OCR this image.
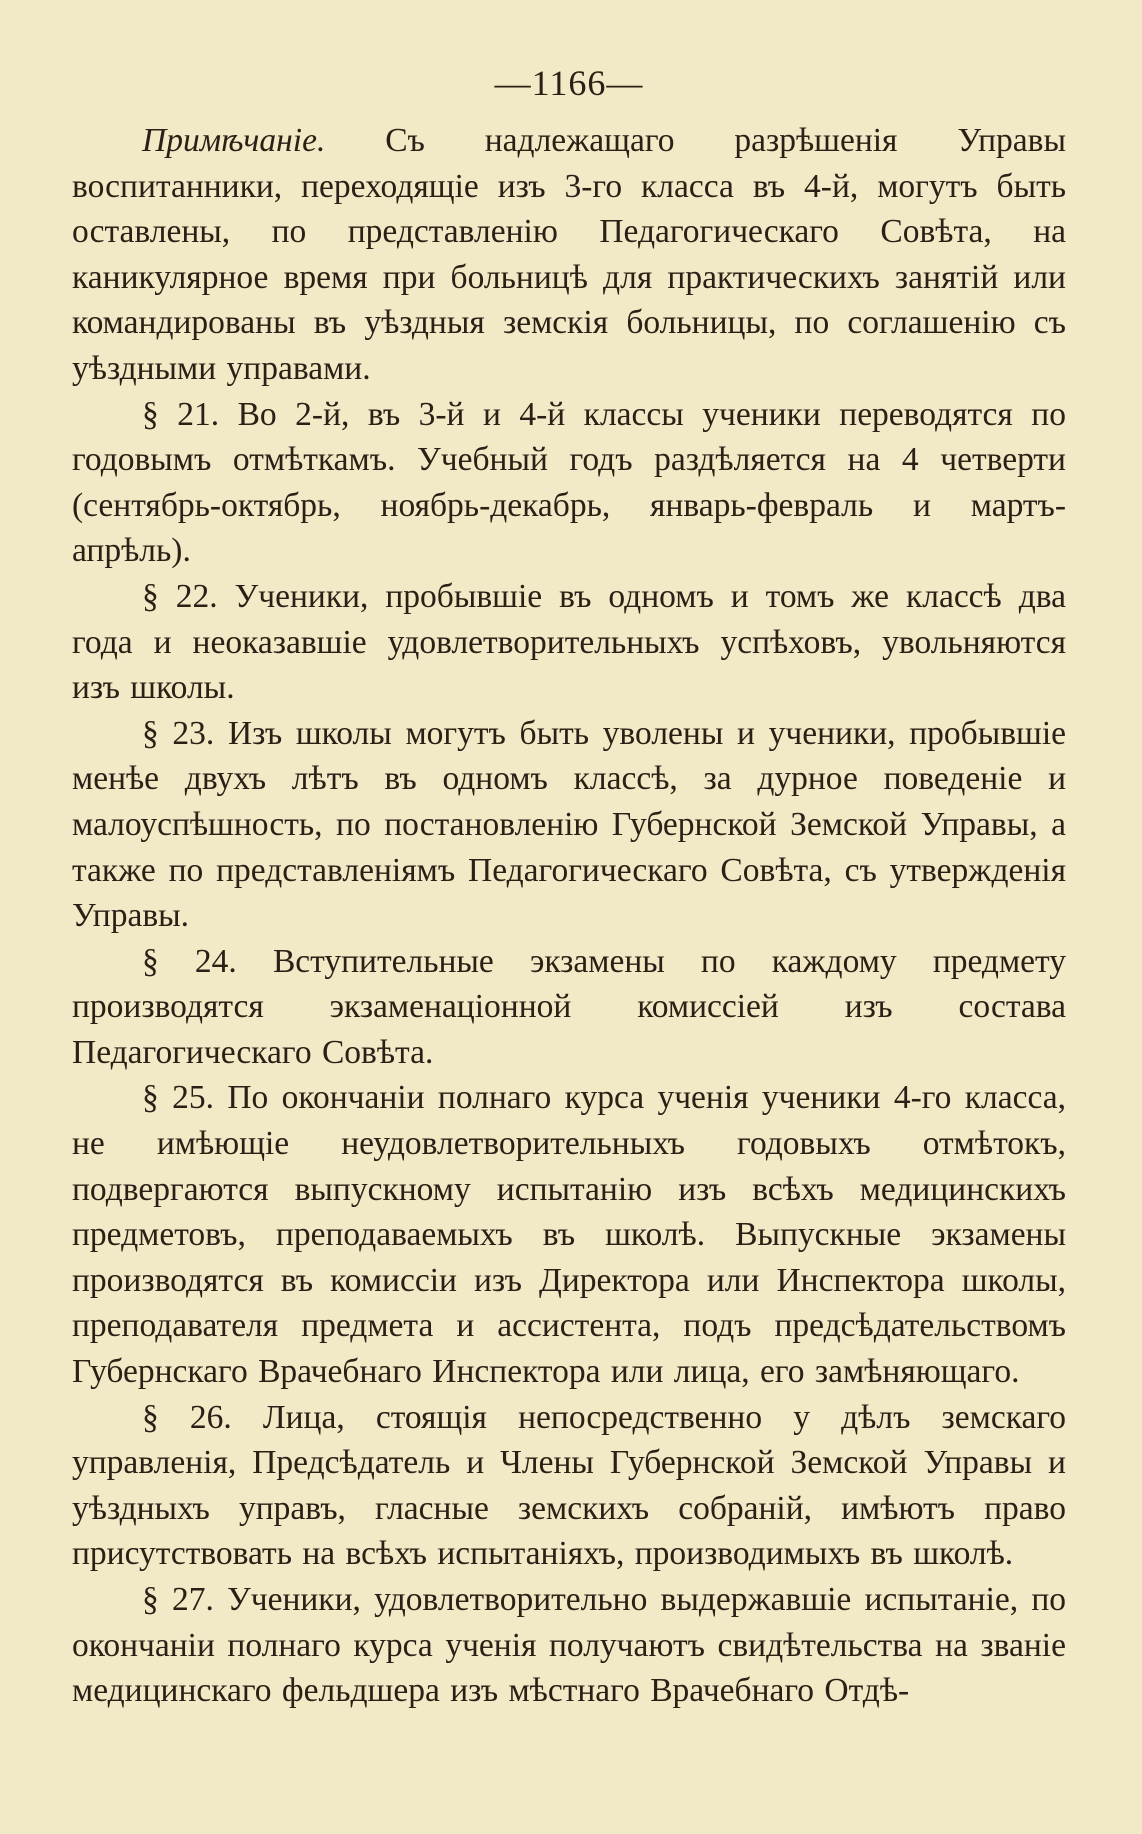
—1166—

Примѣчаніе. Съ надлежащаго разрѣшенія Управы воспитанники, переходящіе изъ 3-го класса въ 4-й, могутъ быть оставлены, по представленію Педагогическаго Совѣта, на каникулярное время при больницѣ для практическихъ занятій или командированы въ уѣздныя земскія больницы, по соглашенію съ уѣздными управами.

§ 21. Во 2-й, въ 3-й и 4-й классы ученики переводятся по годовымъ отмѣткамъ. Учебный годъ раздѣляется на 4 четверти (сентябрь-октябрь, ноябрь-декабрь, январь-февраль и мартъ-апрѣль).

§ 22. Ученики, пробывшіе въ одномъ и томъ же классѣ два года и неоказавшіе удовлетворительныхъ успѣховъ, увольняются изъ школы.

§ 23. Изъ школы могутъ быть уволены и ученики, пробывшіе менѣе двухъ лѣтъ въ одномъ классѣ, за дурное поведеніе и малоуспѣшность, по постановленію Губернской Земской Управы, а также по представленіямъ Педагогическаго Совѣта, съ утвержденія Управы.

§ 24. Вступительные экзамены по каждому предмету производятся экзаменаціонной комиссіей изъ состава Педагогическаго Совѣта.

§ 25. По окончаніи полнаго курса ученія ученики 4-го класса, не имѣющіе неудовлетворительныхъ годовыхъ отмѣтокъ, подвергаются выпускному испытанію изъ всѣхъ медицинскихъ предметовъ, преподаваемыхъ въ школѣ. Выпускные экзамены производятся въ комиссіи изъ Директора или Инспектора школы, преподавателя предмета и ассистента, подъ предсѣдательствомъ Губернскаго Врачебнаго Инспектора или лица, его замѣняющаго.

§ 26. Лица, стоящія непосредственно у дѣлъ земскаго управленія, Предсѣдатель и Члены Губернской Земской Управы и уѣздныхъ управъ, гласные земскихъ собраній, имѣютъ право присутствовать на всѣхъ испытаніяхъ, производимыхъ въ школѣ.

§ 27. Ученики, удовлетворительно выдержавшіе испытаніе, по окончаніи полнаго курса ученія получаютъ свидѣтельства на званіе медицинскаго фельдшера изъ мѣстнаго Врачебнаго Отдѣ-
